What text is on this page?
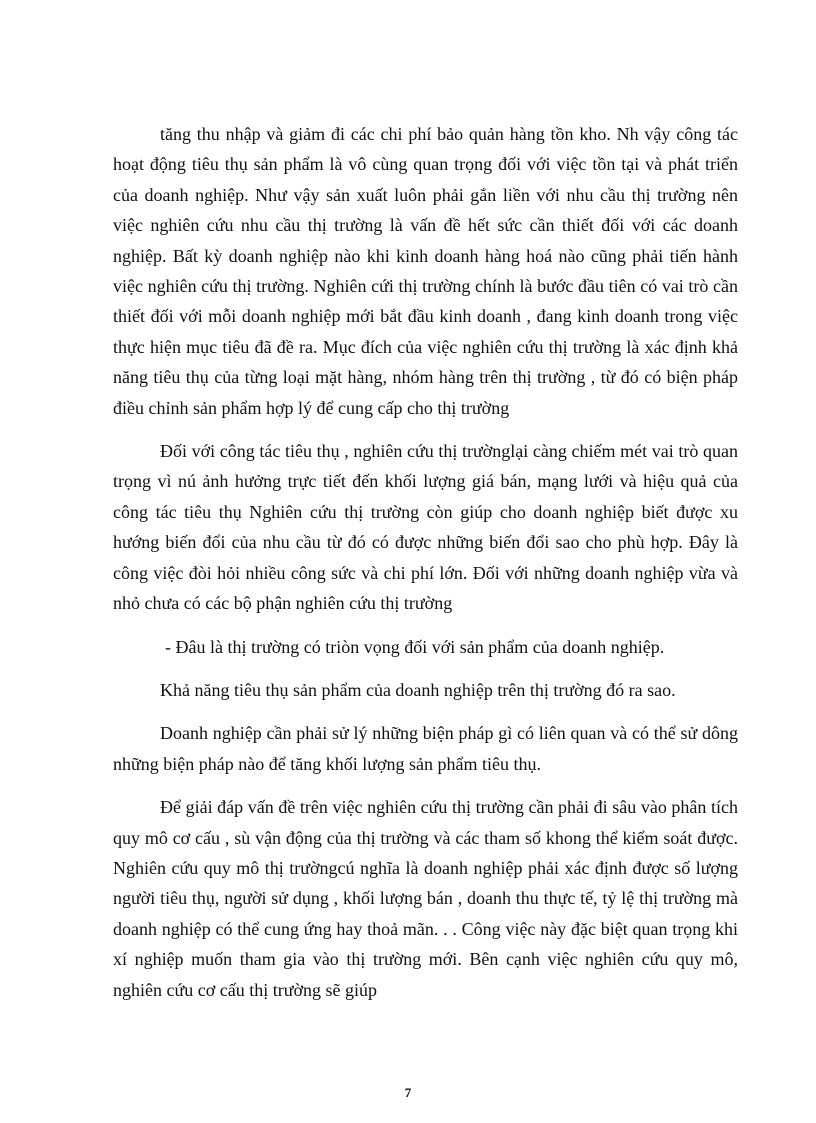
tăng thu nhập và giảm đi các chi phí bảo quản hàng tồn kho. Nh vậy công tác hoạt động tiêu thụ sản phẩm là vô cùng quan trọng đối với việc tồn tại và phát triển của doanh nghiệp. Như vậy sản xuất luôn phải gắn liền với nhu cầu thị trường nên việc nghiên cứu nhu cầu thị trường là vấn đề hết sức cần thiết đối với các doanh nghiệp. Bất kỳ doanh nghiệp nào khi kinh doanh hàng hoá nào cũng phải tiến hành việc nghiên cứu thị trường. Nghiên cứi thị trường chính là bước đầu tiên có vai trò cần thiết đối với mỗi doanh nghiệp mới bắt đầu kinh doanh , đang kinh doanh trong việc thực hiện mục tiêu đã đề ra. Mục đích của việc nghiên cứu thị trường là xác định khả năng tiêu thụ của từng loại mặt hàng, nhóm hàng trên thị trường , từ đó có biện pháp điều chỉnh sản phẩm hợp lý để cung cấp cho thị trường

Đối với công tác tiêu thụ , nghiên cứu thị trườnglại càng chiếm mét vai trò quan trọng vì nú ảnh hưởng trực tiết đến khối lượng giá bán, mạng lưới và hiệu quả của công tác tiêu thụ Nghiên cứu thị trường còn giúp cho doanh nghiệp biết được xu hướng biến đổi của nhu cầu từ đó có được những biến đổi sao cho phù hợp. Đây là công việc đòi hỏi nhiều công sức và chi phí lớn. Đối với những doanh nghiệp vừa và nhỏ chưa có các bộ phận nghiên cứu thị trường

- Đâu là thị trường có triòn vọng đối với sản phẩm của doanh nghiệp.

Khả năng tiêu thụ sản phẩm của doanh nghiệp trên thị trường đó ra sao.

Doanh nghiệp cần phải sử lý những biện pháp gì có liên quan và có thể sử dông những biện pháp nào để tăng khối lượng sản phẩm tiêu thụ.

Để giải đáp vấn đề trên việc nghiên cứu thị trường cần phải đi sâu vào phân tích quy mô cơ cấu , sù vận động của thị trường và các tham số khong thể kiểm soát được. Nghiên cứu quy mô thị trườngcú nghĩa là doanh nghiệp phải xác định được số lượng người tiêu thụ, người sử dụng , khối lượng bán , doanh thu thực tế, tỷ lệ thị trường mà doanh nghiệp có thể cung ứng hay thoả mãn. . . Công việc này đặc biệt quan trọng khi xí nghiệp muốn tham gia vào thị trường mới. Bên cạnh việc nghiên cứu quy mô, nghiên cứu cơ cấu thị trường sẽ giúp

7
